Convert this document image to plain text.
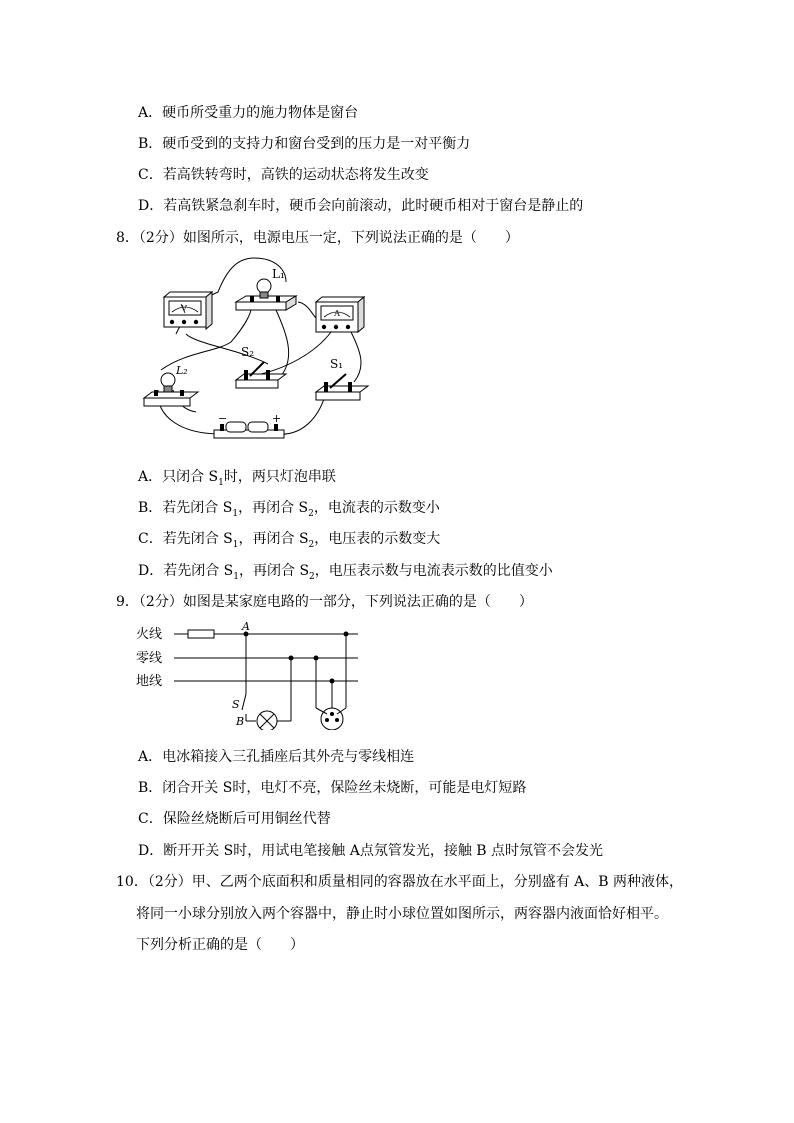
A．硬币所受重力的施力物体是窗台
B．硬币受到的支持力和窗台受到的压力是一对平衡力
C．若高铁转弯时，高铁的运动状态将发生改变
D．若高铁紧急刹车时，硬币会向前滚动，此时硬币相对于窗台是静止的
8．（2分）如图所示，电源电压一定，下列说法正确的是（　　）
V
L₁
A
S₂
S₁
L₂
−	+
A．只闭合 $S_1$时，两只灯泡串联
B．若先闭合 $S_1$，再闭合 $S_2$，电流表的示数变小
C．若先闭合 $S_1$，再闭合 $S_2$，电压表的示数变大
D．若先闭合 $S_1$，再闭合 $S_2$，电压表示数与电流表示数的比值变小
9．（2分）如图是某家庭电路的一部分，下列说法正确的是（　　）
火线
零线
地线
A
S
B
A．电冰箱接入三孔插座后其外壳与零线相连
B．闭合开关 S时，电灯不亮，保险丝未烧断，可能是电灯短路
C．保险丝烧断后可用铜丝代替
D．断开开关 S时，用试电笔接触 A点氖管发光，接触 B 点时氖管不会发光
10．（2分）甲、乙两个底面积和质量相同的容器放在水平面上，分别盛有 A、B 两种液体，
将同一小球分别放入两个容器中，静止时小球位置如图所示，两容器内液面恰好相平。
下列分析正确的是（　　）
